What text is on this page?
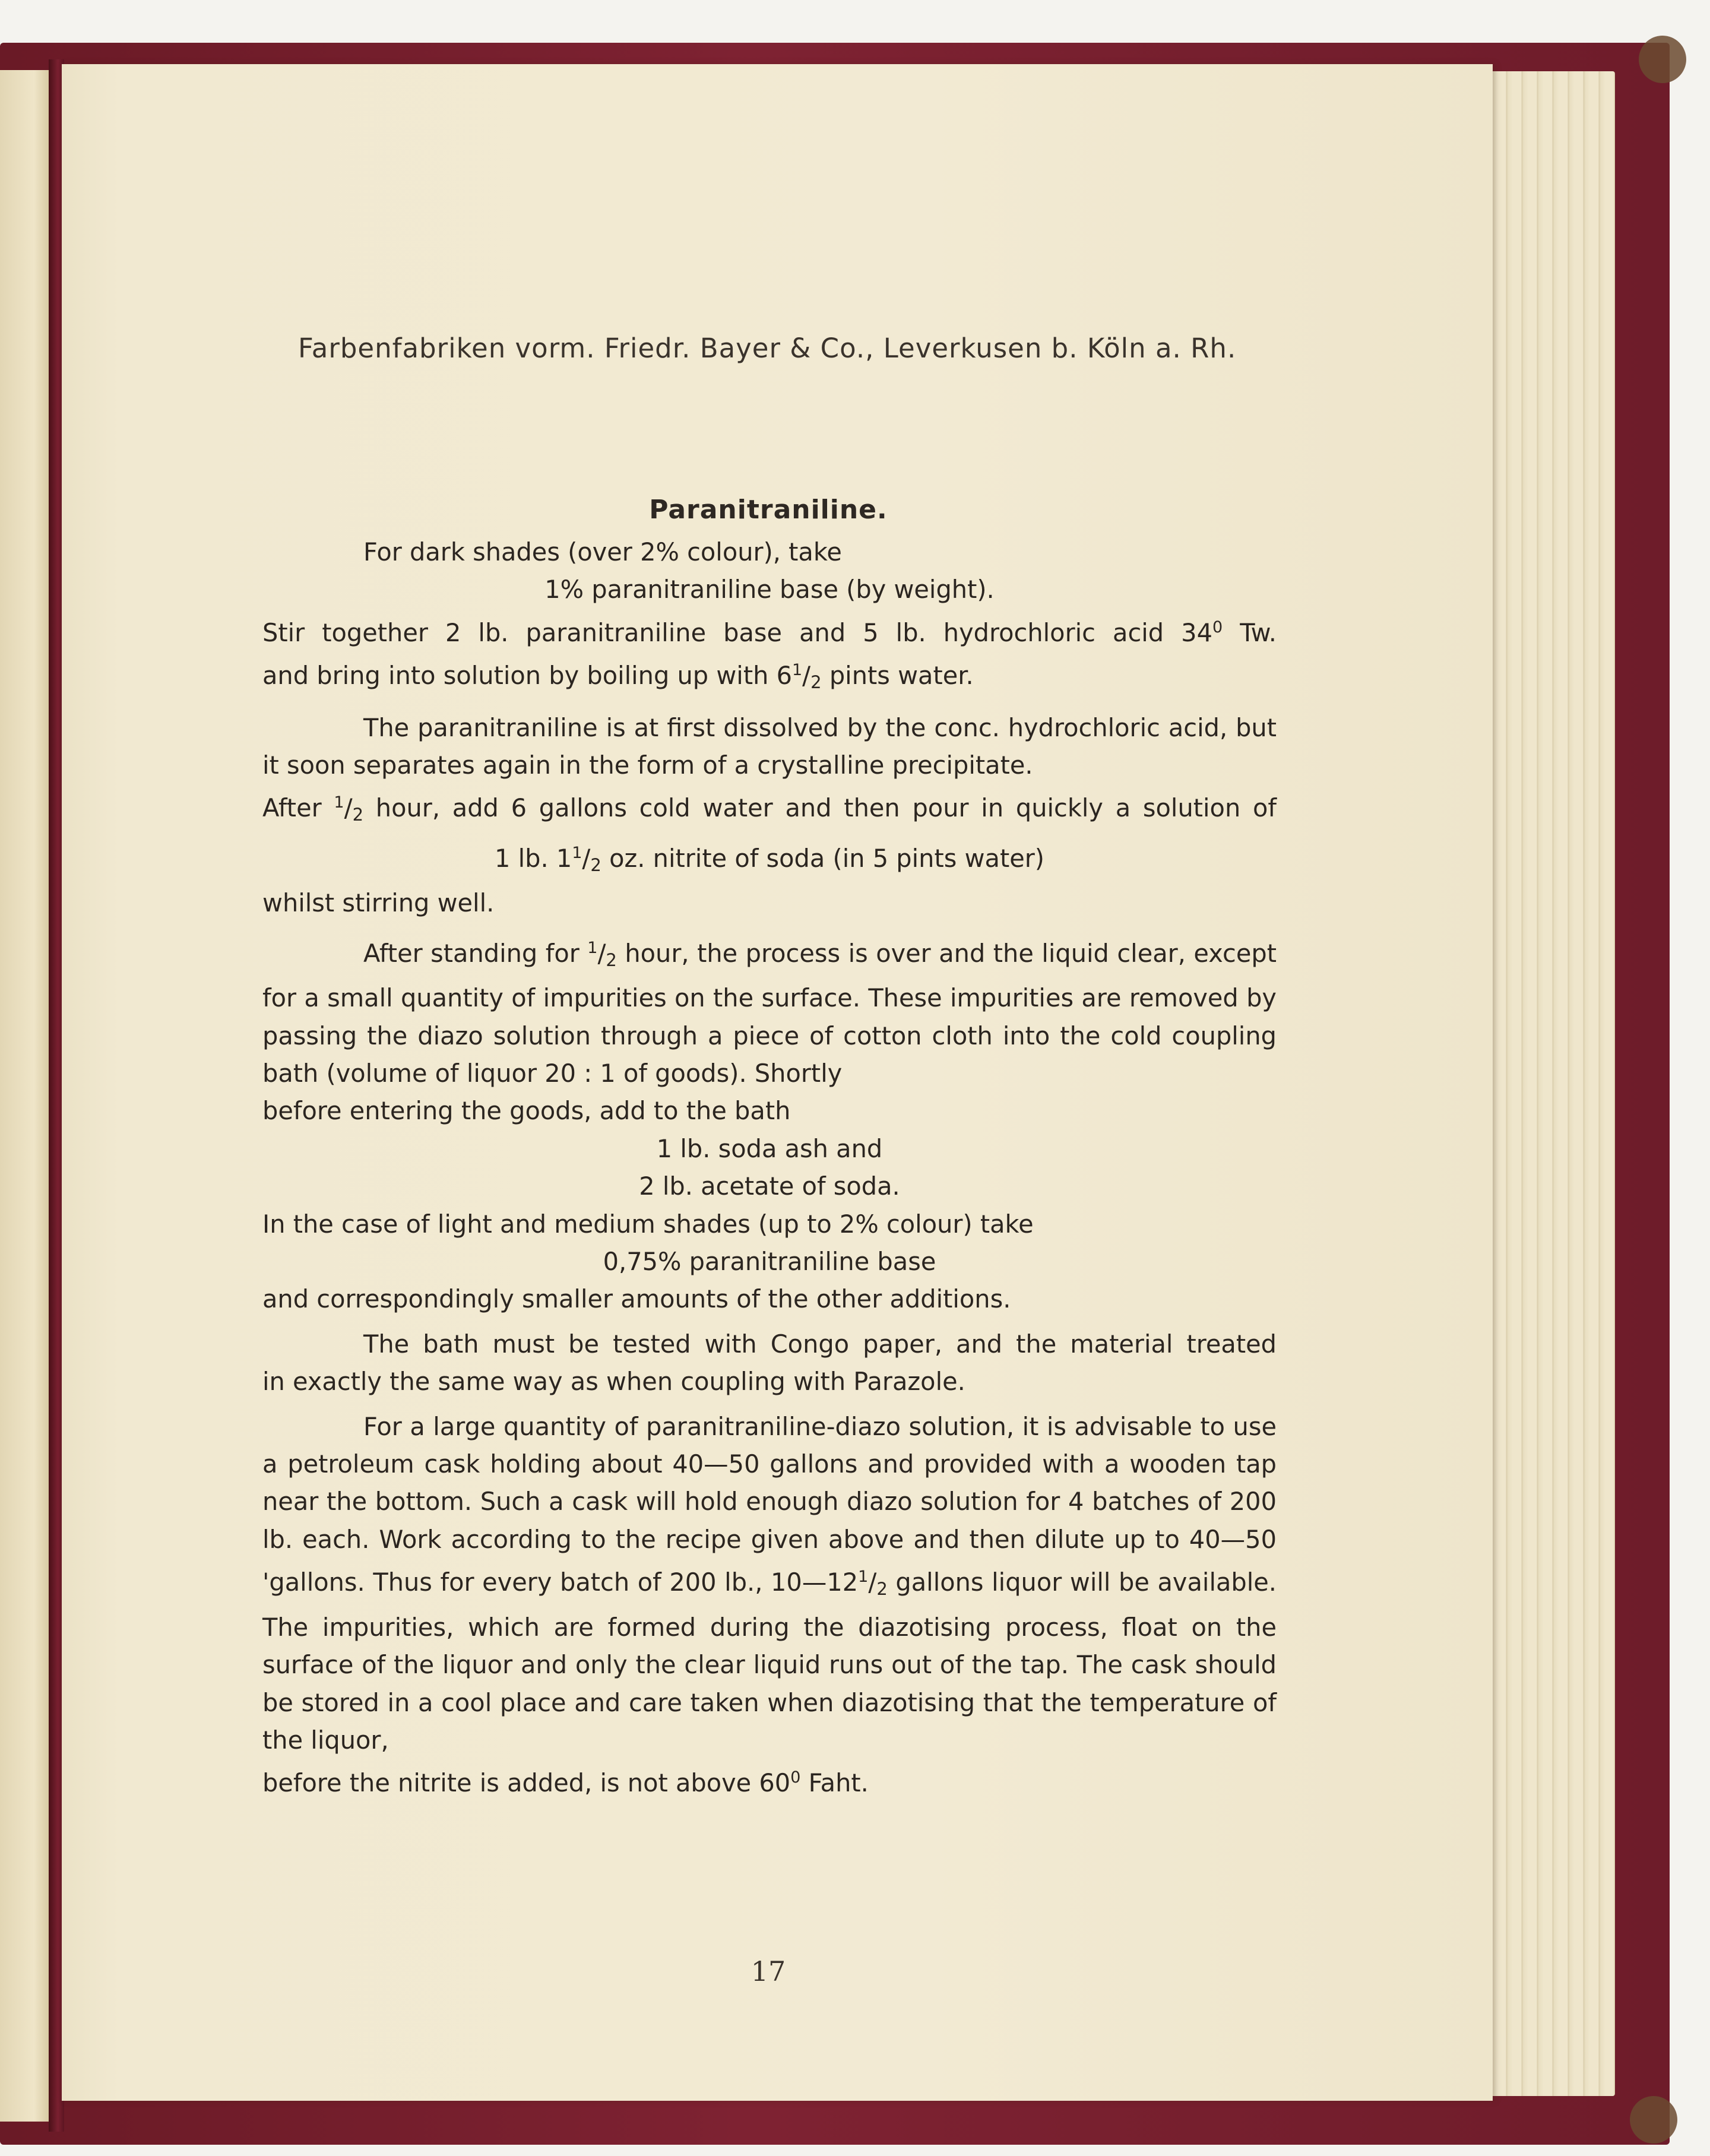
Farbenfabriken vorm. Friedr. Bayer & Co., Leverkusen b. Köln a. Rh.
Paranitraniline.

For dark shades (over 2% colour), take

1% paranitraniline base (by weight).

Stir together 2 lb. paranitraniline base and 5 lb. hydrochloric acid $34^0$ Tw.

and bring into solution by boiling up with $6^1/_2$ pints water.

The paranitraniline is at first dissolved by the conc. hydrochloric acid, but it soon separates again in the form of a crystalline precipitate.

After $^1/_2$ hour, add 6 gallons cold water and then pour in quickly a solution of

1 lb. $1^1/_2$ oz. nitrite of soda (in 5 pints water)

whilst stirring well.

After standing for $^1/_2$ hour, the process is over and the liquid clear, except for a small quantity of impurities on the surface. These impurities are removed by passing the diazo solution through a piece of cotton cloth into the cold coupling bath (volume of liquor 20 : 1 of goods). Shortly

before entering the goods, add to the bath

1 lb. soda ash and

2 lb. acetate of soda.

In the case of light and medium shades (up to 2% colour) take

0,75% paranitraniline base

and correspondingly smaller amounts of the other additions.

The bath must be tested with Congo paper, and the material treated

in exactly the same way as when coupling with Parazole.

For a large quantity of paranitraniline-diazo solution, it is advisable to use a petroleum cask holding about 40—50 gallons and provided with a wooden tap near the bottom. Such a cask will hold enough diazo solution for 4 batches of 200 lb. each. Work according to the recipe given above and then dilute up to 40—50 'gallons. Thus for every batch of 200 lb., $10—12^1/_2$ gallons liquor will be available. The impurities, which are formed during the diazotising process, float on the surface of the liquor and only the clear liquid runs out of the tap. The cask should be stored in a cool place and care taken when diazotising that the temperature of the liquor,

before the nitrite is added, is not above $60^0$ Faht.

17
